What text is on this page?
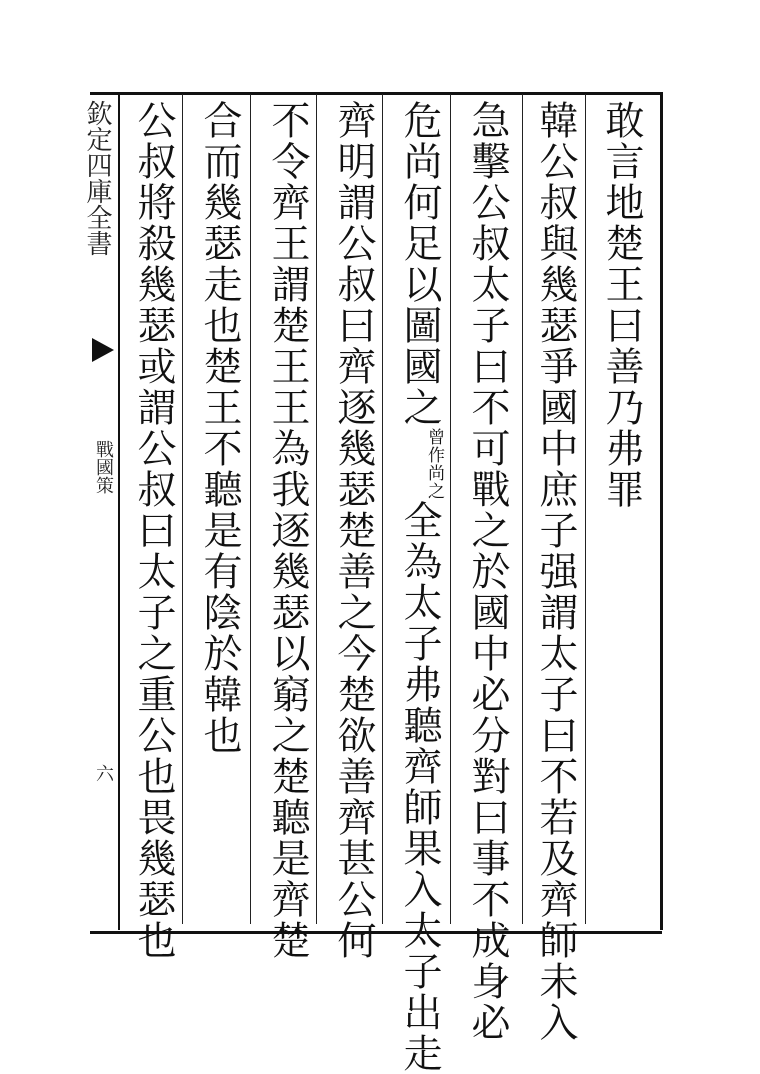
欽定四庫全書
戰國策
六
敢言地楚王曰善乃弗罪
韓公叔與幾瑟爭國中庶子强謂太子曰不若及齊師未入
急擊公叔太子曰不可戰之於國中必分對曰事不成身必
危尚何足以圖國之曾作尚之全為太子弗聽齊師果入太子出走
齊明謂公叔曰齊逐幾瑟楚善之今楚欲善齊甚公何
不令齊王謂楚王王為我逐幾瑟以窮之楚聽是齊楚
合而幾瑟走也楚王不聽是有陰於韓也
公叔將殺幾瑟或謂公叔曰太子之重公也畏幾瑟也
